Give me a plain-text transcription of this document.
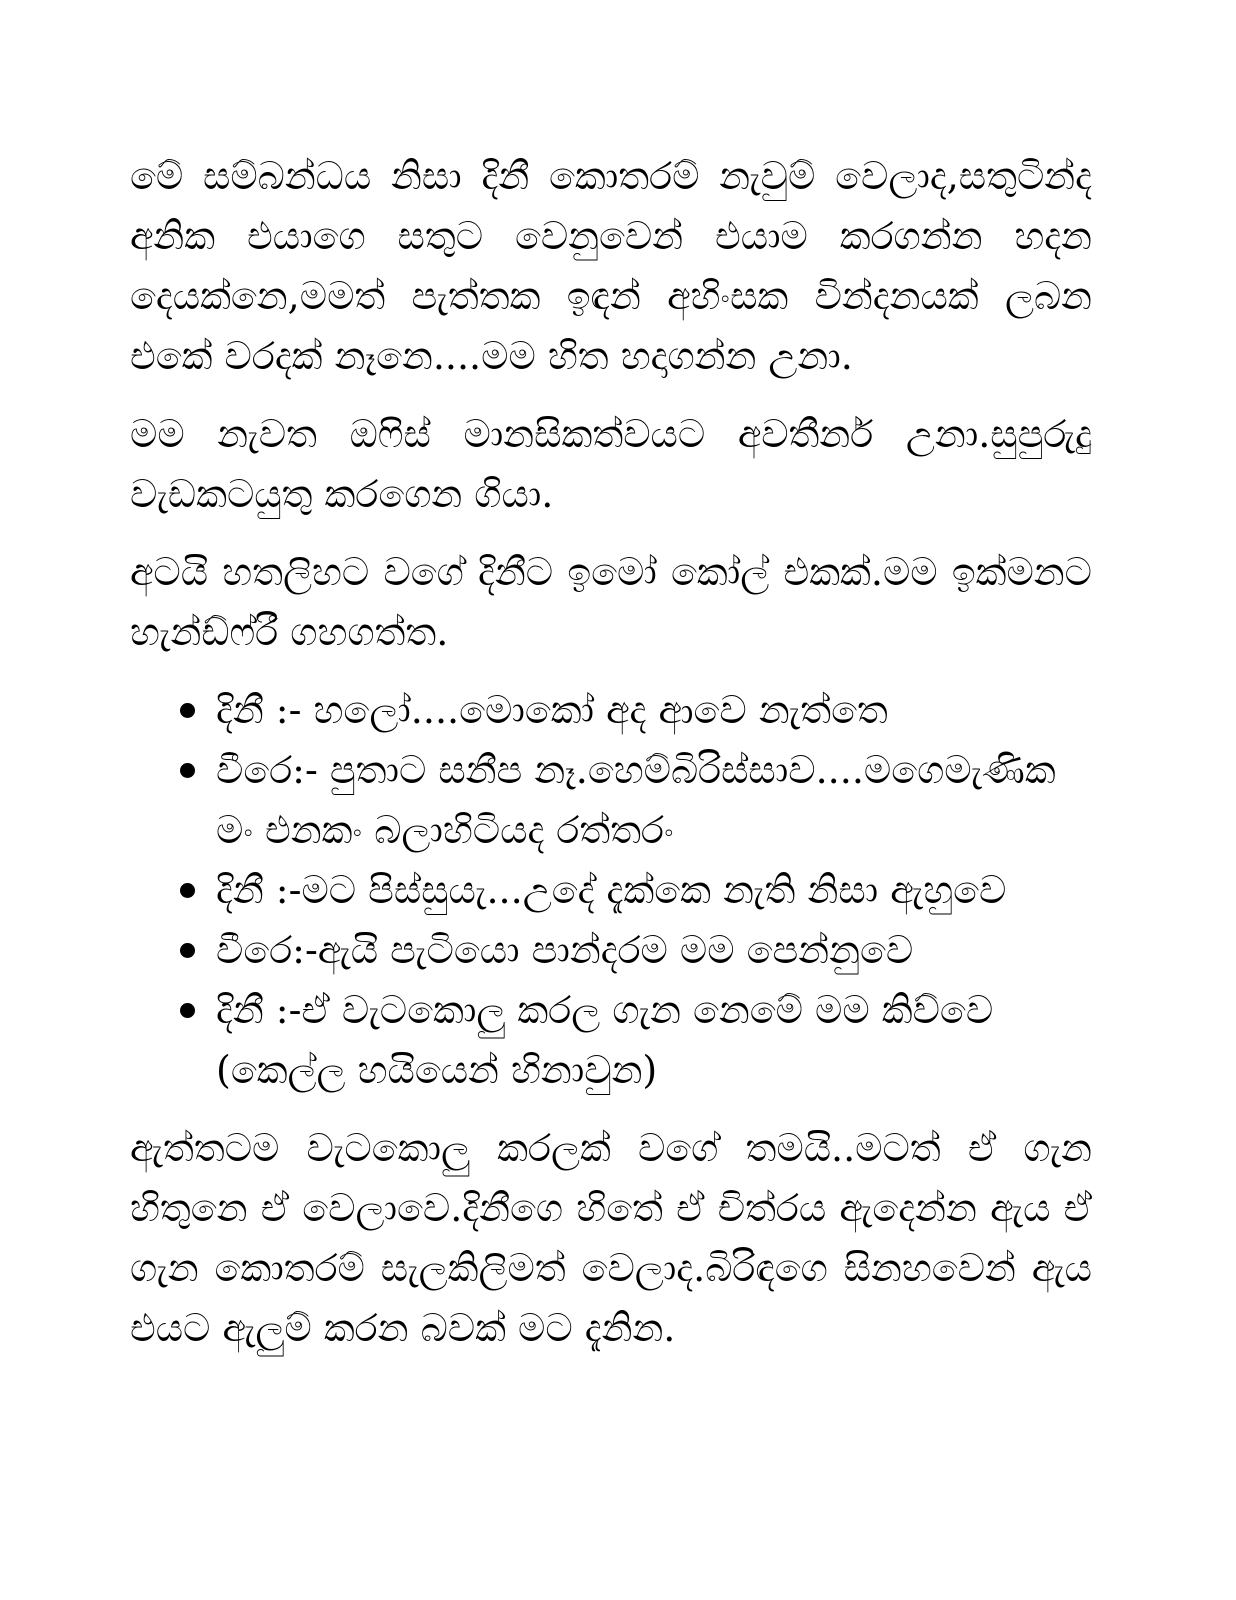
මේ සම්බන්ධය නිසා දිනී කොතරම් නැවුම් වෙලාද,සතුටින්ද අනික එයාගෙ සතුට වෙනුවෙන් එයාම කරගන්න හදන දෙයක්නෙ,මමත් පැත්තක ඉඳන් අහිංසක වින්දනයක් ලබන එකේ වරදක් නෑනෙ....මම හිත හදාගන්න උනා.

මම නැවත ඔෆිස් මානසිකත්වයට අවතීර්න උනා.සුපුරුදු වැඩකටයුතු කරගෙන ගියා.

අටයි හතලිහට වගේ දිනීට ඉමෝ කෝල් එකක්.මම ඉක්මනට හැන්ඩ්ෆ්රී ගහගත්ත.

දිනී :- හලෝ....මොකෝ අද ආවෙ නැත්තෙ
වීරෙ:- පුතාට සනීප නෑ.හෙම්බිරිස්සාව....මගෙමැණික මං එනකං බලාහිටියද රත්තරං
දිනී :-මට පිස්සුයැ...උදේ දැක්කෙ නැති නිසා ඇහුවෙ
වීරෙ:-ඇයි පැටියො පාන්දරම මම පෙන්නුවෙ
දිනී :-ඒ වැටකොලු කරල ගැන නෙමේ මම කිව්වෙ (කෙල්ල හයියෙන් හිනාවුන)

ඇත්තටම වැටකොලු කරලක් වගේ තමයි..මටත් ඒ ගැන හිතුනෙ ඒ වෙලාවෙ.දිනීගෙ හිතේ ඒ චිත්රය ඇදෙන්න ඇය ඒ ගැන කොතරම් සැලකිලිමත් වෙලාද.බිරිඳගෙ සිනහවෙන් ඇය එයට ඇලුම් කරන බවක් මට දැනින.
